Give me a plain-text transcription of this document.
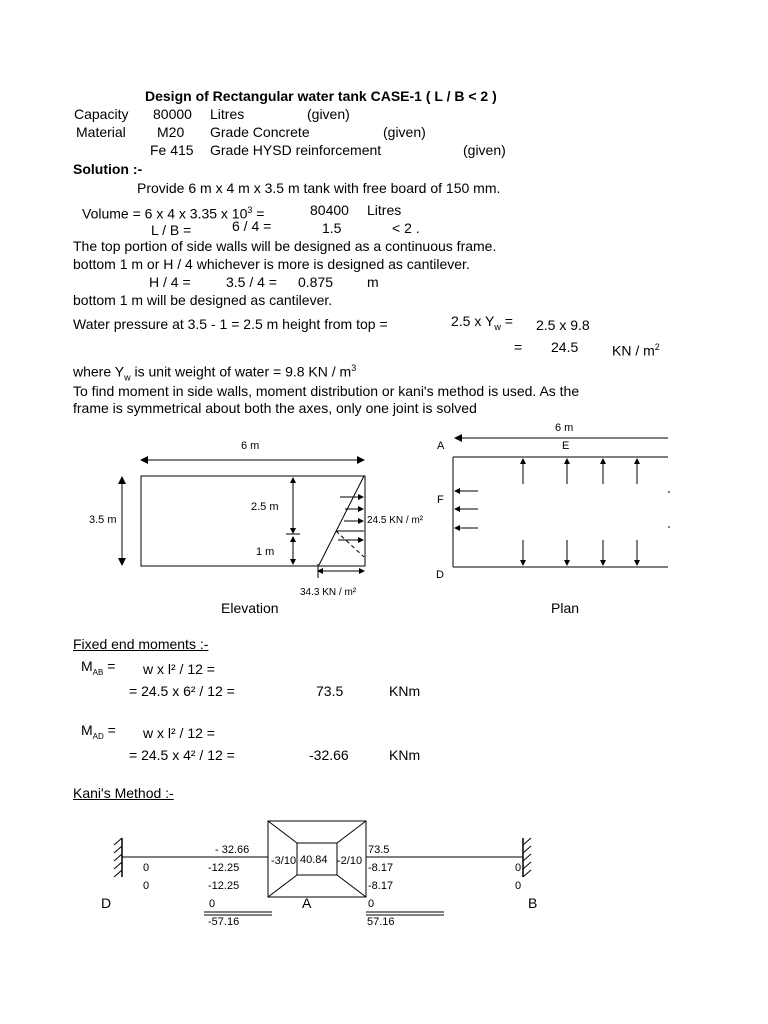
Design of Rectangular water tank CASE-1 ( L / B < 2 )
Capacity 80000 Litres	(given)
Material M20 Grade Concrete	(given)
Fe 415 Grade HYSD reinforcement	(given)
Solution :-
Provide 6 m x 4 m x 3.5 m tank with free board of 150 mm.
Volume = 6 x 4 x 3.35 x $10^3$ =	80400 Litres
L / B =	6 / 4 =	1.5	< 2 .
The top portion of side walls will be designed as a continuous frame.
bottom 1 m or H / 4 whichever is more is designed as cantilever.
H / 4 =	3.5 / 4 = 0.875 m
bottom 1 m will be designed as cantilever.
Water pressure at 3.5 - 1 = 2.5 m height from top =	2.5 x $Y_w = 2.5$ x 9.8
= 24.5 KN / $m^2$
where $Y_w$ is unit weight of water = 9.8 KN / $m^3$
To find moment in side walls, moment distribution or kani's method is used. As the
frame is symmetrical about both the axes, only one joint is solved
6 m
3.5 m
2.5 m
1 m
24.5 KN / m²
34.3 KN / m²
Elevation
6 m
A	E
F
D
Plan
Fixed end moments :-
$M_{AB} = w$ x l² / 12 =
= 24.5 x 6² / 12 =	73.5	KNm
$M_{AD} = w$ x l² / 12 =
= 24.5 x 4² / 12 =	-32.66	KNm
Kani's Method :-
- 32.66
-12.25
-12.25
0
0
0
-57.16
-3/10 40.84 -2/10
73.5
-8.17
-8.17
0
0
0
57.16
D	A	B
